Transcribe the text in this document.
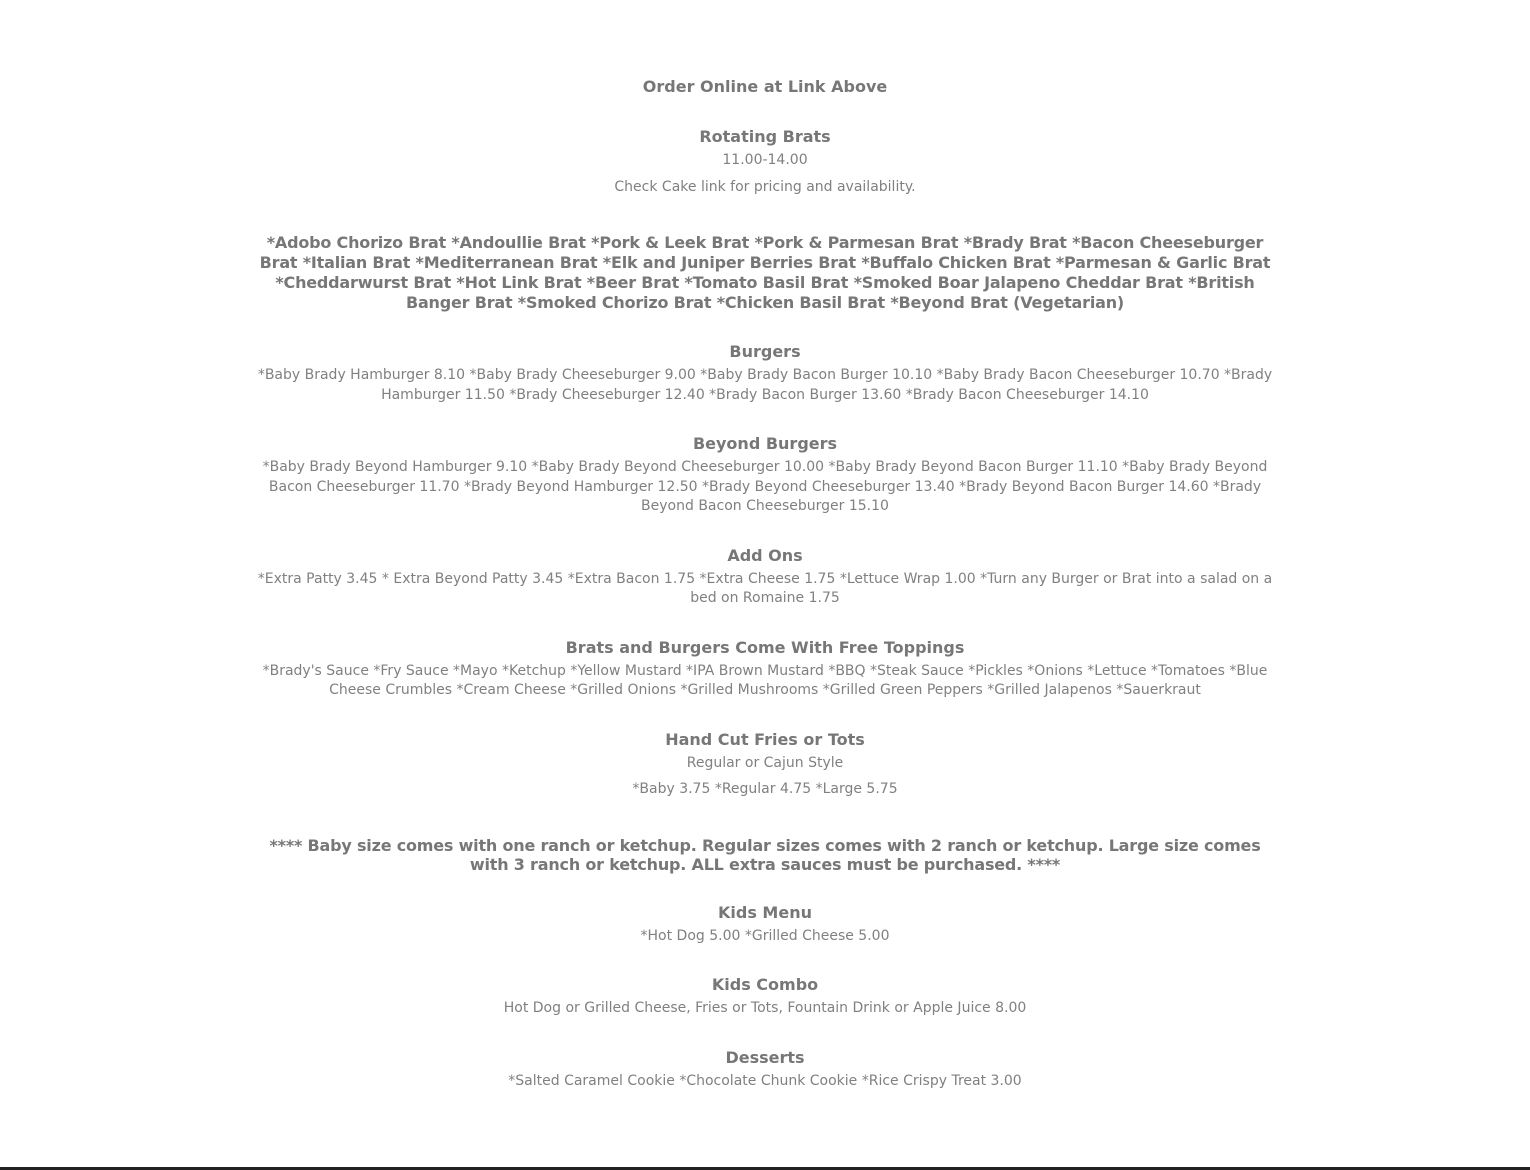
Order Online at Link Above
Rotating Brats

11.00-14.00

Check Cake link for pricing and availability.

*Adobo Chorizo Brat *Andoullie Brat *Pork & Leek Brat *Pork & Parmesan Brat *Brady Brat *Bacon Cheeseburger Brat *Italian Brat *Mediterranean Brat *Elk and Juniper Berries Brat *Buffalo Chicken Brat *Parmesan & Garlic Brat *Cheddarwurst Brat *Hot Link Brat *Beer Brat *Tomato Basil Brat *Smoked Boar Jalapeno Cheddar Brat *British Banger Brat *Smoked Chorizo Brat *Chicken Basil Brat *Beyond Brat (Vegetarian)
Burgers

*Baby Brady Hamburger 8.10 *Baby Brady Cheeseburger 9.00 *Baby Brady Bacon Burger 10.10 *Baby Brady Bacon Cheeseburger 10.70 *Brady Hamburger 11.50 *Brady Cheeseburger 12.40 *Brady Bacon Burger 13.60 *Brady Bacon Cheeseburger 14.10

Beyond Burgers

*Baby Brady Beyond Hamburger 9.10 *Baby Brady Beyond Cheeseburger 10.00 *Baby Brady Beyond Bacon Burger 11.10 *Baby Brady Beyond Bacon Cheeseburger 11.70 *Brady Beyond Hamburger 12.50 *Brady Beyond Cheeseburger 13.40 *Brady Beyond Bacon Burger 14.60 *Brady Beyond Bacon Cheeseburger 15.10

Add Ons

*Extra Patty 3.45 * Extra Beyond Patty 3.45 *Extra Bacon 1.75 *Extra Cheese 1.75 *Lettuce Wrap 1.00 *Turn any Burger or Brat into a salad on a bed on Romaine 1.75

Brats and Burgers Come With Free Toppings

*Brady's Sauce *Fry Sauce *Mayo *Ketchup *Yellow Mustard *IPA Brown Mustard *BBQ *Steak Sauce *Pickles *Onions *Lettuce *Tomatoes *Blue Cheese Crumbles *Cream Cheese *Grilled Onions *Grilled Mushrooms *Grilled Green Peppers *Grilled Jalapenos *Sauerkraut

Hand Cut Fries or Tots

Regular or Cajun Style

*Baby 3.75 *Regular 4.75 *Large 5.75

**** Baby size comes with one ranch or ketchup. Regular sizes comes with 2 ranch or ketchup. Large size comes with 3 ranch or ketchup. ALL extra sauces must be purchased. ****
Kids Menu

*Hot Dog 5.00 *Grilled Cheese 5.00

Kids Combo

Hot Dog or Grilled Cheese, Fries or Tots, Fountain Drink or Apple Juice 8.00

Desserts

*Salted Caramel Cookie *Chocolate Chunk Cookie *Rice Crispy Treat 3.00
